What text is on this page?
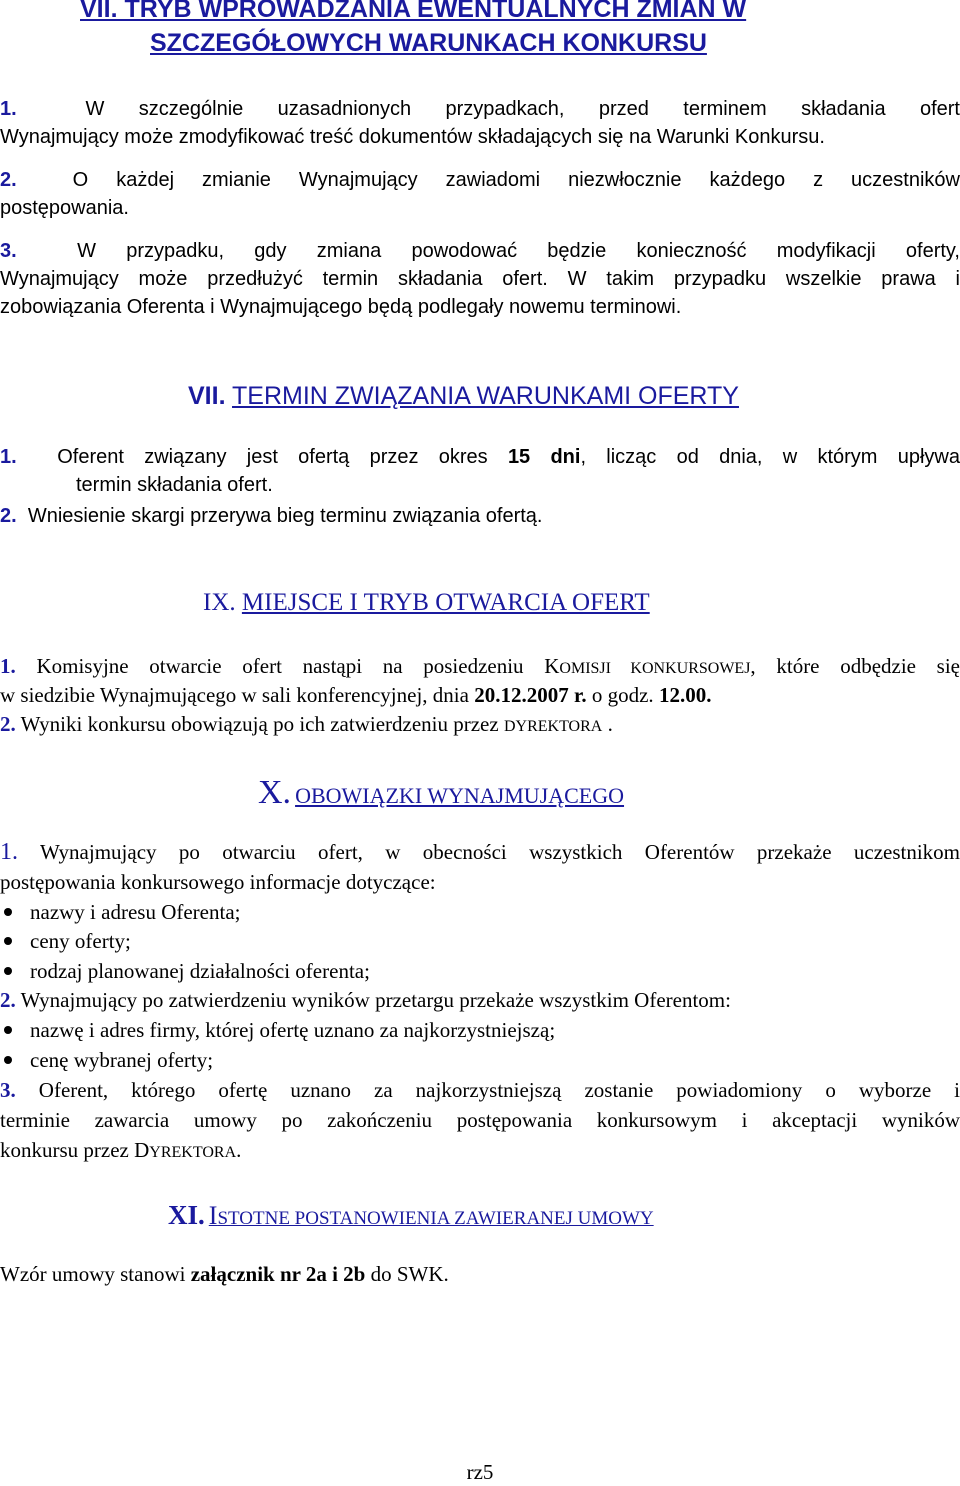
VII. TRYB WPROWADZANIA EWENTUALNYCH ZMIAN W
SZCZEGÓŁOWYCH WARUNKACH KONKURSU
1.	W szczególnie uzasadnionych przypadkach, przed terminem składania ofert
Wynajmujący może zmodyfikować treść dokumentów składających się na Warunki Konkursu.
2.	O każdej zmianie Wynajmujący zawiadomi niezwłocznie każdego z uczestników
postępowania.
3.	W przypadku, gdy zmiana powodować będzie konieczność modyfikacji oferty,
Wynajmujący może przedłużyć termin składania ofert. W takim przypadku wszelkie prawa i
zobowiązania Oferenta i Wynajmującego będą podlegały nowemu terminowi.
VII. TERMIN ZWIĄZANIA WARUNKAMI OFERTY
1. Oferent związany jest ofertą przez okres 15 dni, licząc od dnia, w którym upływa
termin składania ofert.
2. Wniesienie skargi przerywa bieg terminu związania ofertą.
IX. MIEJSCE I TRYB OTWARCIA OFERT
1. Komisyjne otwarcie ofert nastąpi na posiedzeniu KOMISJI KONKURSOWEJ, które odbędzie się
w siedzibie Wynajmującego w sali konferencyjnej, dnia 20.12.2007 r. o godz. 12.00.
2. Wyniki konkursu obowiązują po ich zatwierdzeniu przez DYREKTORA .
X. OBOWIĄZKI WYNAJMUJĄCEGO
1. Wynajmujący po otwarciu ofert, w obecności wszystkich Oferentów przekaże uczestnikom
postępowania konkursowego informacje dotyczące:
nazwy i adresu Oferenta;
ceny oferty;
rodzaj planowanej działalności oferenta;
2. Wynajmujący po zatwierdzeniu wyników przetargu przekaże wszystkim Oferentom:
nazwę i adres firmy, której ofertę uznano za najkorzystniejszą;
cenę wybranej oferty;
3. Oferent, którego ofertę uznano za najkorzystniejszą zostanie powiadomiony o wyborze i
terminie zawarcia umowy po zakończeniu postępowania konkursowym i akceptacji wyników
konkursu przez DYREKTORA.
XI. ISTOTNE POSTANOWIENIA ZAWIERANEJ UMOWY
Wzór umowy stanowi załącznik nr 2a i 2b do SWK.
rz5
